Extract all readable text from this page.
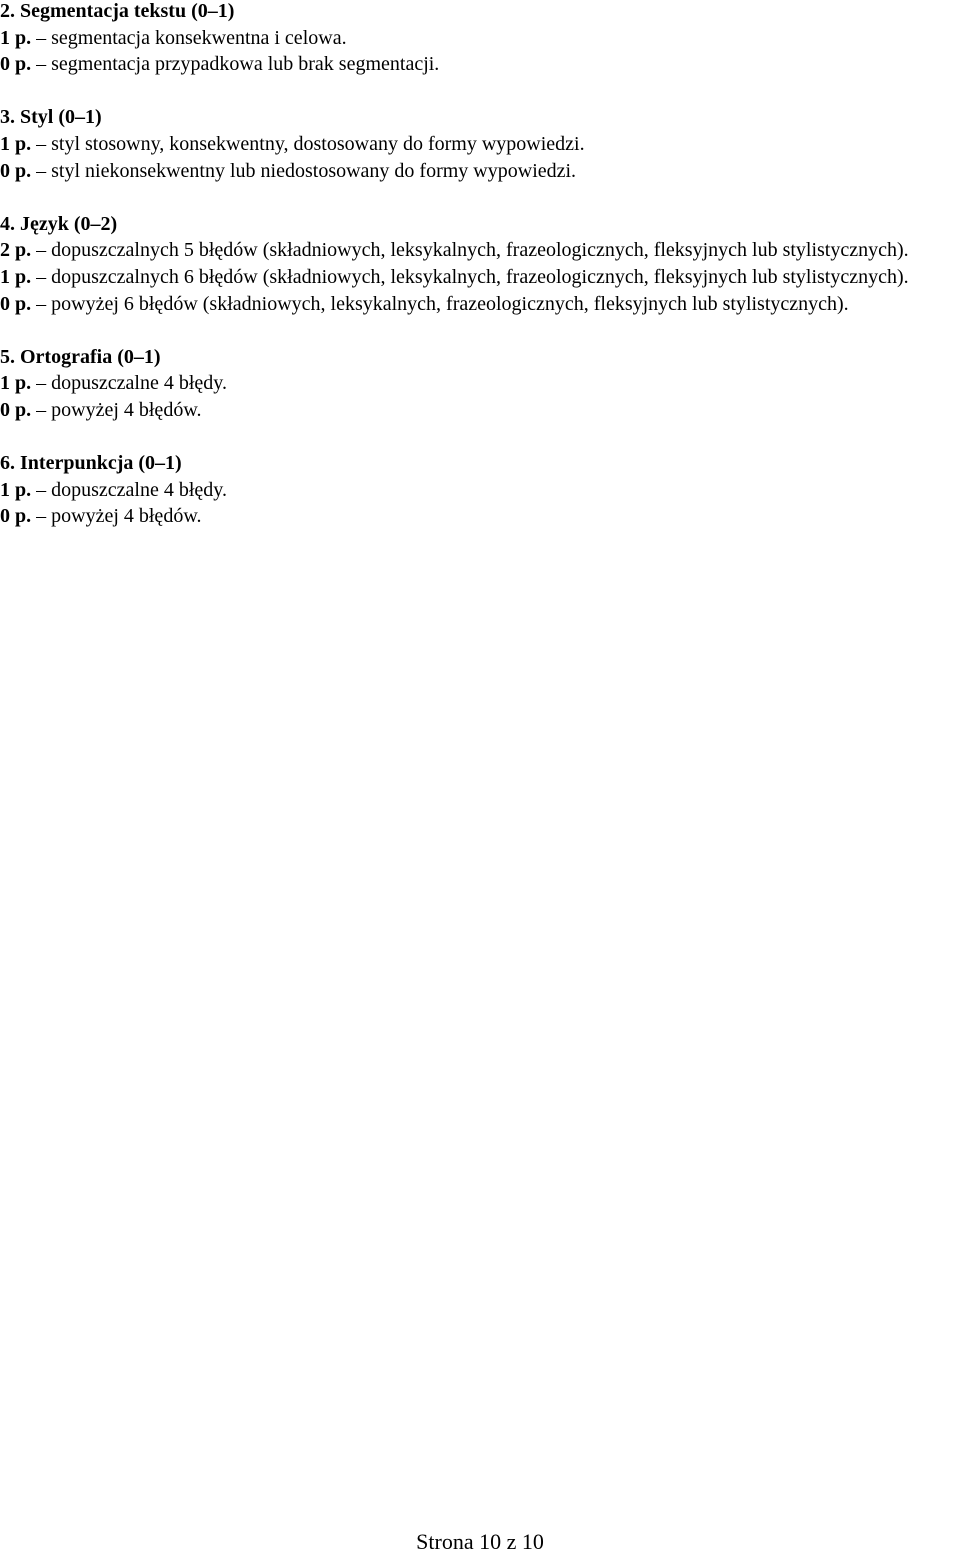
2. Segmentacja tekstu (0–1)
1 p. – segmentacja konsekwentna i celowa.
0 p. – segmentacja przypadkowa lub brak segmentacji.
3. Styl (0–1)
1 p. – styl stosowny, konsekwentny, dostosowany do formy wypowiedzi.
0 p. – styl niekonsekwentny lub niedostosowany do formy wypowiedzi.
4. Język (0–2)
2 p. – dopuszczalnych 5 błędów (składniowych, leksykalnych, frazeologicznych, fleksyjnych lub stylistycznych).
1 p. – dopuszczalnych 6 błędów (składniowych, leksykalnych, frazeologicznych, fleksyjnych lub stylistycznych).
0 p. – powyżej 6 błędów (składniowych, leksykalnych, frazeologicznych, fleksyjnych lub stylistycznych).
5. Ortografia (0–1)
1 p. – dopuszczalne 4 błędy.
0 p. – powyżej 4 błędów.
6. Interpunkcja (0–1)
1 p. – dopuszczalne 4 błędy.
0 p. – powyżej 4 błędów.
Strona 10 z 10
